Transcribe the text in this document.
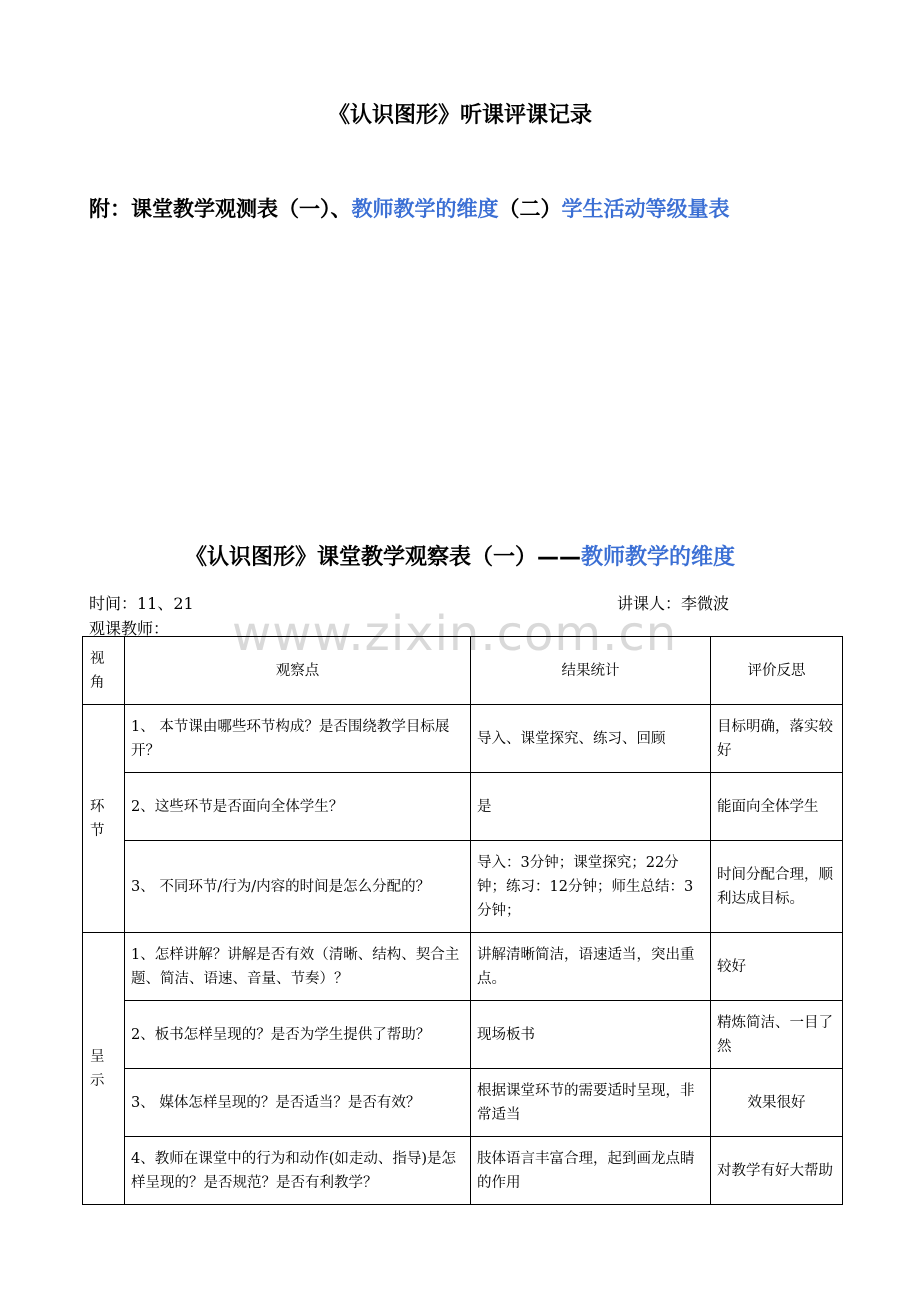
《认识图形》听课评课记录
附：课堂教学观测表（一）、教师教学的维度（二）学生活动等级量表
《认识图形》课堂教学观察表（一）——教师教学的维度
时间：11、21	讲课人：李微波
观课教师： www.zixin.com.cn
视角	观察点	结果统计	评价反思
环节	1、 本节课由哪些环节构成？是否围绕教学目标展开？	导入、课堂探究、练习、回顾	目标明确，落实较好
	2、这些环节是否面向全体学生？	是	能面向全体学生
	3、 不同环节/行为/内容的时间是怎么分配的？	导入：3分钟；课堂探究；22分钟；练习：12分钟；师生总结：3分钟；	时间分配合理，顺利达成目标。
呈示	1、怎样讲解？讲解是否有效（清晰、结构、契合主题、简洁、语速、音量、节奏）？	讲解清晰简洁，语速适当，突出重点。	较好
	2、板书怎样呈现的？是否为学生提供了帮助？	现场板书	精炼简洁、一目了然
	3、 媒体怎样呈现的？是否适当？是否有效？	根据课堂环节的需要适时呈现，非常适当	效果很好
	4、教师在课堂中的行为和动作(如走动、指导)是怎样呈现的？是否规范？是否有利教学？	肢体语言丰富合理，起到画龙点睛的作用	对教学有好大帮助
